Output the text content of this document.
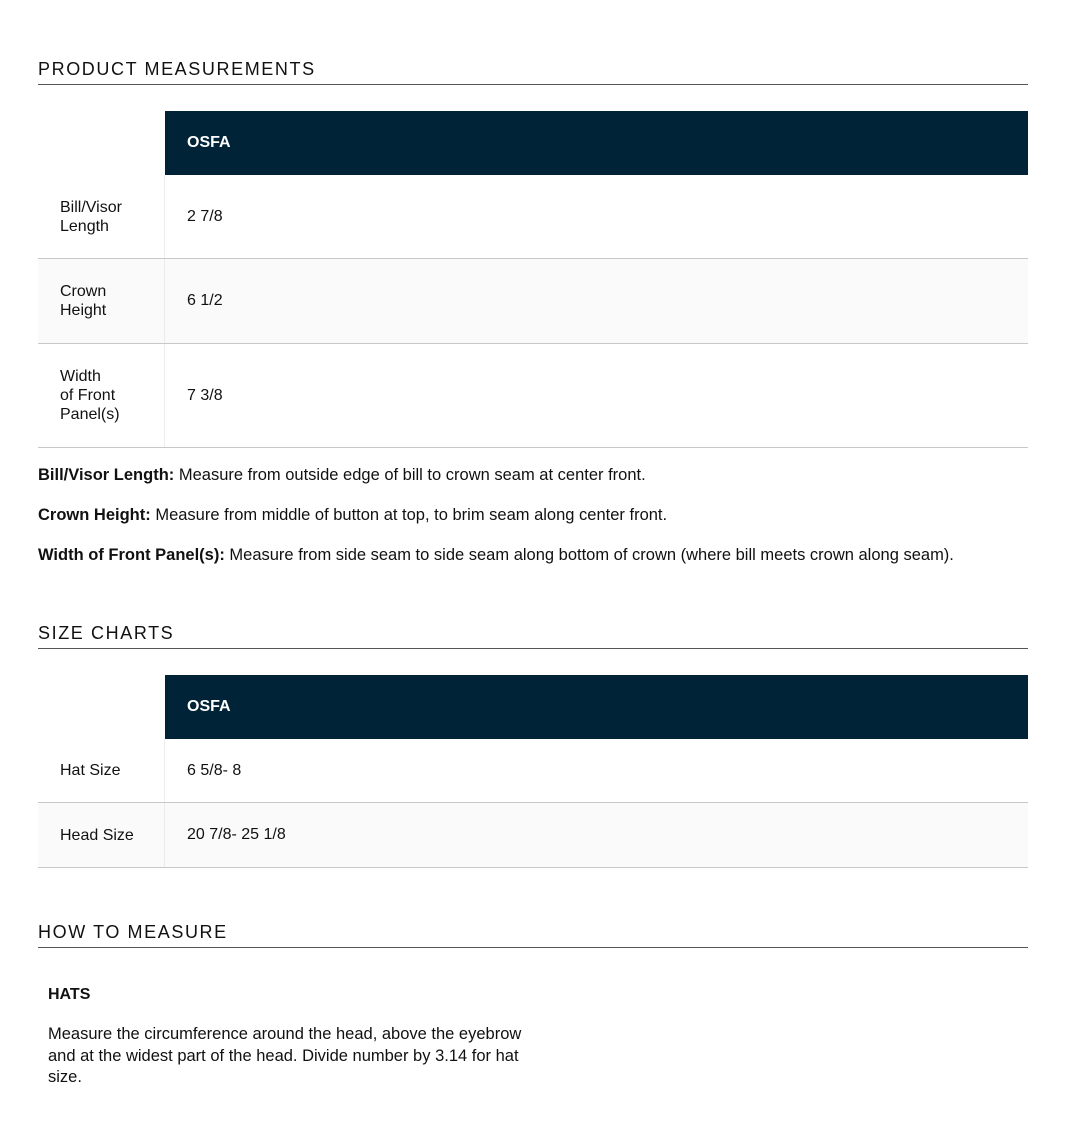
PRODUCT MEASUREMENTS
OSFA
Bill/Visor
Length
2 7/8
Crown
Height
6 1/2
Width
of Front
Panel(s)
7 3/8

Bill/Visor Length: Measure from outside edge of bill to crown seam at center front.

Crown Height: Measure from middle of button at top, to brim seam along center front.

Width of Front Panel(s): Measure from side seam to side seam along bottom of crown (where bill meets crown along seam).

SIZE CHARTS
OSFA
Hat Size	6 5/8- 8
Head Size	20 7/8- 25 1/8
HOW TO MEASURE
HATS
Measure the circumference around the head, above the eyebrow and at the widest part of the head. Divide number by 3.14 for hat size.
